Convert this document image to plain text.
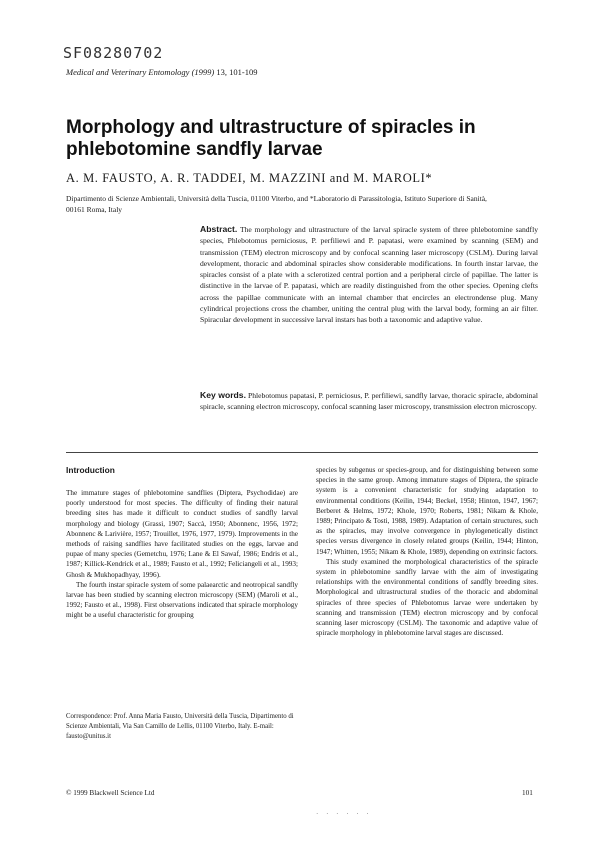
SF08280702
Medical and Veterinary Entomology (1999) 13, 101-109
Morphology and ultrastructure of spiracles in phlebotomine sandfly larvae
A. M. FAUSTO, A. R. TADDEI, M. MAZZINI and M. MAROLI*
Dipartimento di Scienze Ambientali, Università della Tuscia, 01100 Viterbo, and *Laboratorio di Parassitologia, Istituto Superiore di Sanità, 00161 Roma, Italy
Abstract. The morphology and ultrastructure of the larval spiracle system of three phlebotomine sandfly species, Phlebotomus perniciosus, P. perfiliewi and P. papatasi, were examined by scanning (SEM) and transmission (TEM) electron microscopy and by confocal scanning laser microscopy (CSLM). During larval development, thoracic and abdominal spiracles show considerable modifications. In fourth instar larvae, the spiracles consist of a plate with a sclerotized central portion and a peripheral circle of papillae. The latter is distinctive in the larvae of P. papatasi, which are readily distinguished from the other species. Opening clefts across the papillae communicate with an internal chamber that encircles an electrondense plug. Many cylindrical projections cross the chamber, uniting the central plug with the larval body, forming an air filter. Spiracular development in successive larval instars has both a taxonomic and adaptive value.
Key words. Phlebotomus papatasi, P. perniciosus, P. perfiliewi, sandfly larvae, thoracic spiracle, abdominal spiracle, scanning electron microscopy, confocal scanning laser microscopy, transmission electron microscopy.
Introduction

The immature stages of phlebotomine sandflies (Diptera, Psychodidae) are poorly understood for most species. The difficulty of finding their natural breeding sites has made it difficult to conduct studies of sandfly larval morphology and biology (Grassi, 1907; Saccà, 1950; Abonnenc, 1956, 1972; Abonnenc & Larivière, 1957; Trouillet, 1976, 1977, 1979). Improvements in the methods of raising sandflies have facilitated studies on the eggs, larvae and pupae of many species (Gemetchu, 1976; Lane & El Sawaf, 1986; Endris et al., 1987; Killick-Kendrick et al., 1989; Fausto et al., 1992; Feliciangeli et al., 1993; Ghosh & Mukhopadhyay, 1996).

The fourth instar spiracle system of some palaearctic and neotropical sandfly larvae has been studied by scanning electron microscopy (SEM) (Maroli et al., 1992; Fausto et al., 1998). First observations indicated that spiracle morphology might be a useful characteristic for grouping

species by subgenus or species-group, and for distinguishing between some species in the same group. Among immature stages of Diptera, the spiracle system is a convenient characteristic for studying adaptation to environmental conditions (Keilin, 1944; Beckel, 1958; Hinton, 1947, 1967; Berberet & Helms, 1972; Khole, 1970; Roberts, 1981; Nikam & Khole, 1989; Principato & Tosti, 1988, 1989). Adaptation of certain structures, such as the spiracles, may involve convergence in phylogenetically distinct species versus divergence in closely related groups (Keilin, 1944; Hinton, 1947; Whitten, 1955; Nikam & Khole, 1989), depending on extrinsic factors.

This study examined the morphological characteristics of the spiracle system in phlebotomine sandfly larvae with the aim of investigating relationships with the environmental conditions of sandfly breeding sites. Morphological and ultrastructural studies of the thoracic and abdominal spiracles of three species of Phlebotomus larvae were undertaken by scanning and transmission (TEM) electron microscopy and by confocal scanning laser microscopy (CSLM). The taxonomic and adaptive value of spiracle morphology in phlebotomine larval stages are discussed.

Correspondence: Prof. Anna Maria Fausto, Università della Tuscia, Dipartimento di Scienze Ambientali, Via San Camillo de Lellis, 01100 Viterbo, Italy. E-mail: fausto@unitus.it
© 1999 Blackwell Science Ltd	101
· · · · · ·
